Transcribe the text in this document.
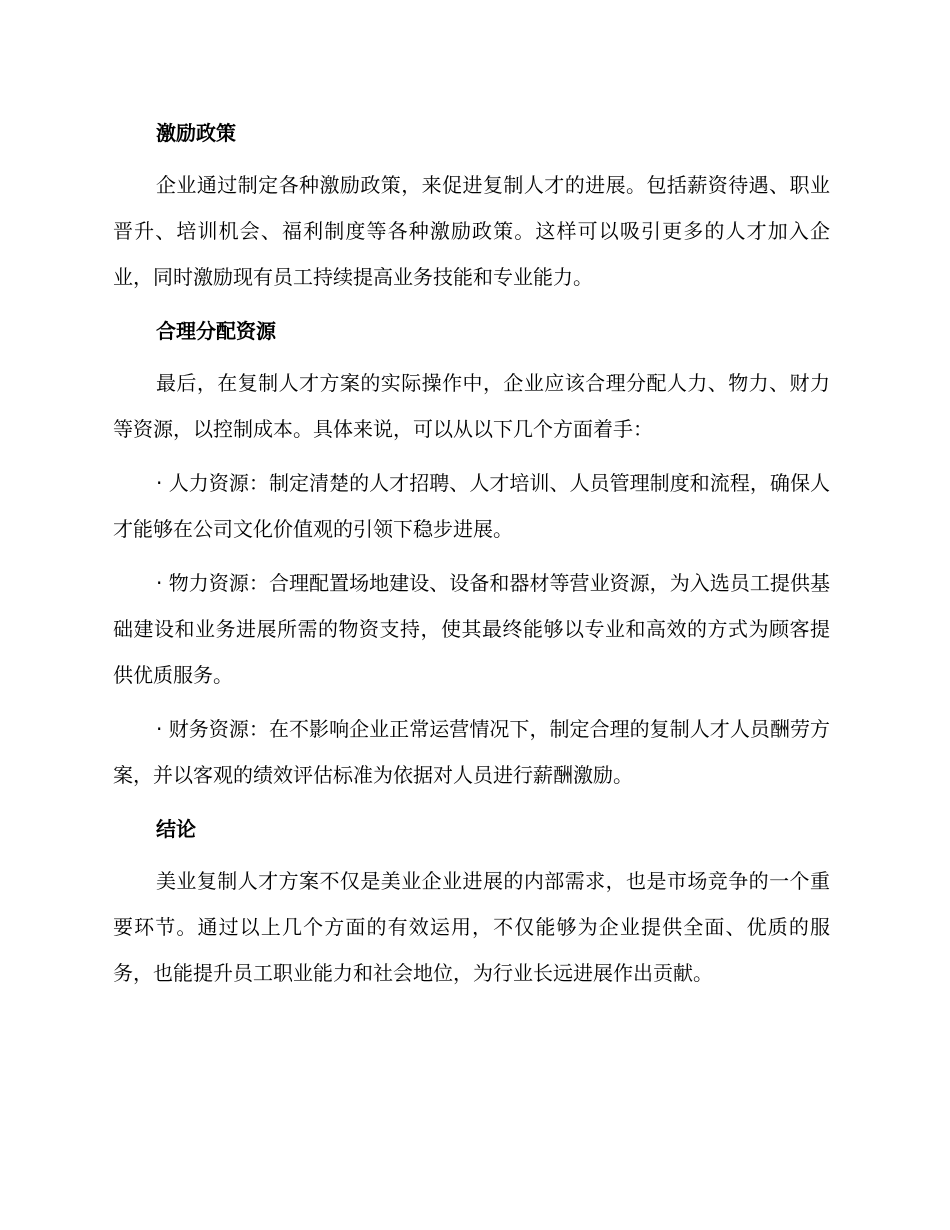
激励政策

企业通过制定各种激励政策，来促进复制人才的进展。包括薪资待遇、职业晋升、培训机会、福利制度等各种激励政策。这样可以吸引更多的人才加入企业，同时激励现有员工持续提高业务技能和专业能力。

合理分配资源

最后，在复制人才方案的实际操作中，企业应该合理分配人力、物力、财力等资源，以控制成本。具体来说，可以从以下几个方面着手：

· 人力资源：制定清楚的人才招聘、人才培训、人员管理制度和流程，确保人才能够在公司文化价值观的引领下稳步进展。

· 物力资源：合理配置场地建设、设备和器材等营业资源，为入选员工提供基础建设和业务进展所需的物资支持，使其最终能够以专业和高效的方式为顾客提供优质服务。

· 财务资源：在不影响企业正常运营情况下，制定合理的复制人才人员酬劳方案，并以客观的绩效评估标准为依据对人员进行薪酬激励。

结论

美业复制人才方案不仅是美业企业进展的内部需求，也是市场竞争的一个重要环节。通过以上几个方面的有效运用，不仅能够为企业提供全面、优质的服务，也能提升员工职业能力和社会地位，为行业长远进展作出贡献。
